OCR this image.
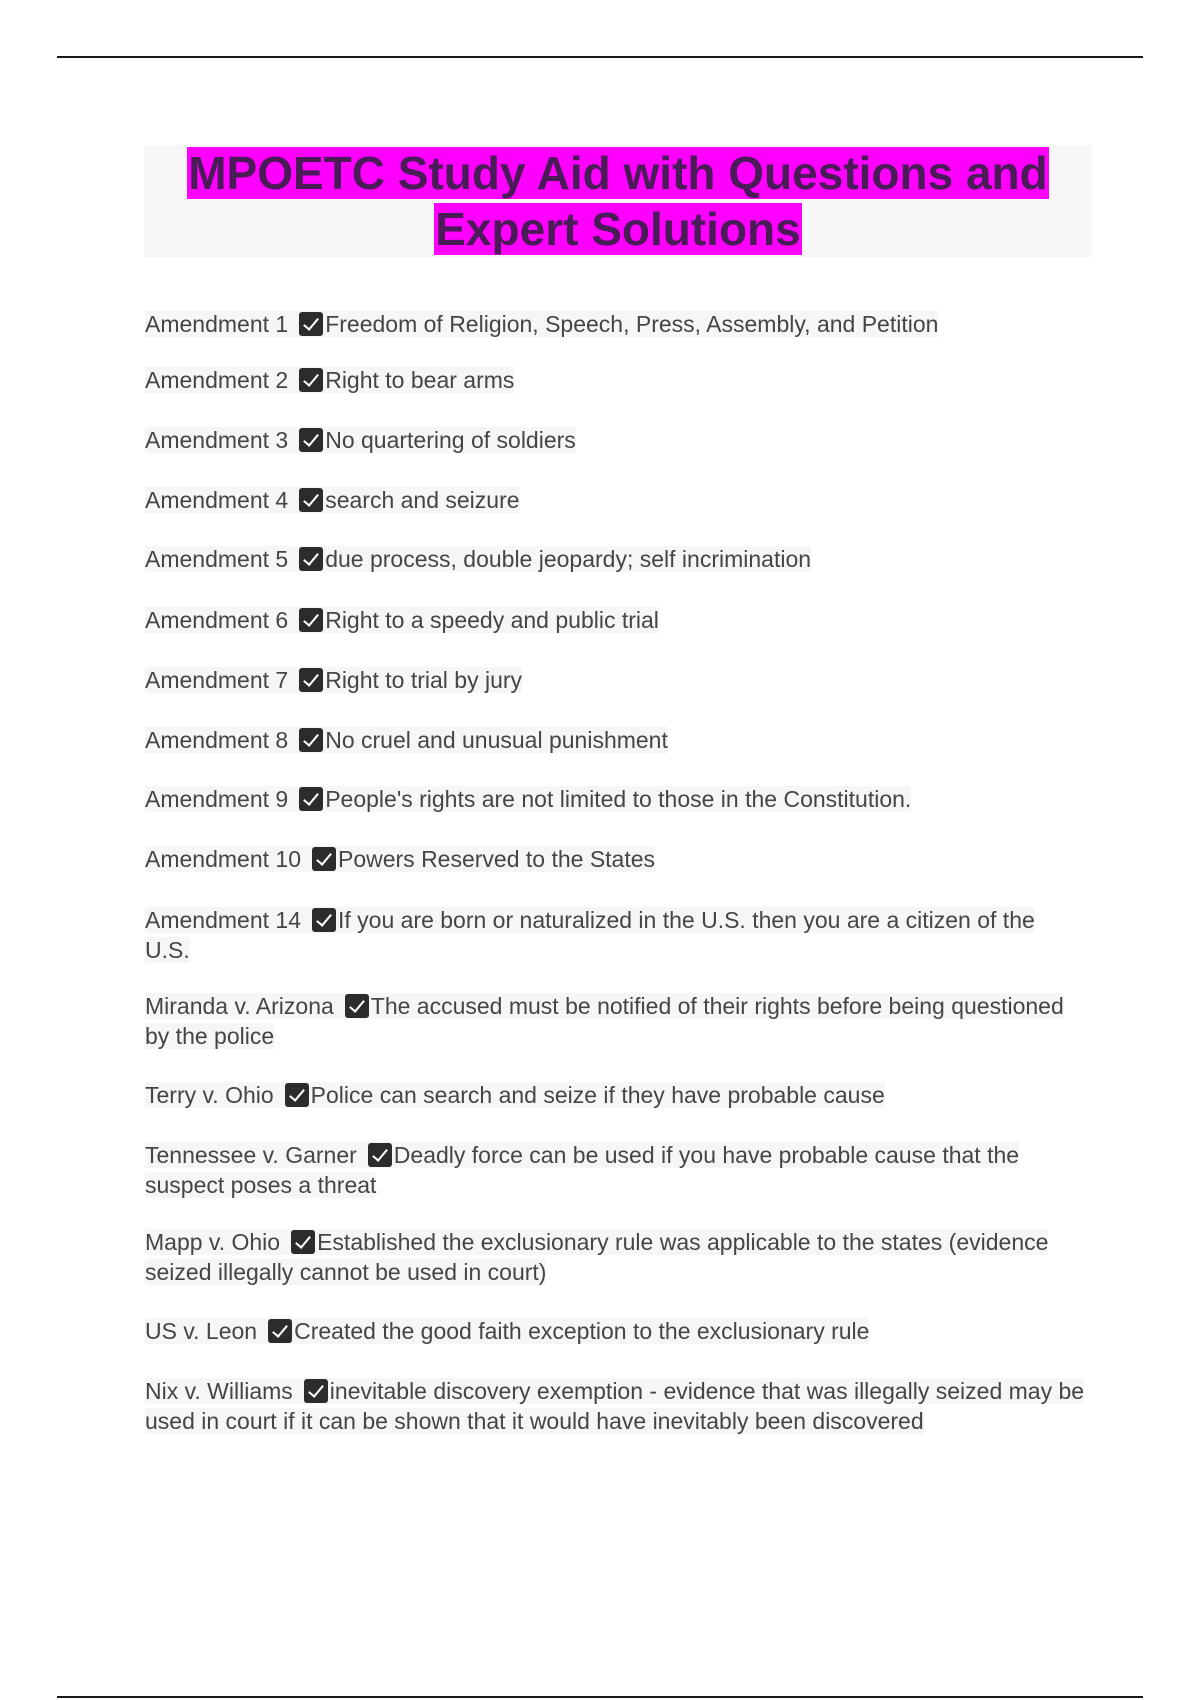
MPOETC Study Aid with Questions and Expert Solutions
Amendment 1 Freedom of Religion, Speech, Press, Assembly, and Petition
Amendment 2 Right to bear arms
Amendment 3 No quartering of soldiers
Amendment 4 search and seizure
Amendment 5 due process, double jeopardy; self incrimination
Amendment 6 Right to a speedy and public trial
Amendment 7 Right to trial by jury
Amendment 8 No cruel and unusual punishment
Amendment 9 People's rights are not limited to those in the Constitution.
Amendment 10 Powers Reserved to the States
Amendment 14 If you are born or naturalized in the U.S. then you are a citizen of the U.S.
Miranda v. Arizona The accused must be notified of their rights before being questioned by the police
Terry v. Ohio Police can search and seize if they have probable cause
Tennessee v. Garner Deadly force can be used if you have probable cause that the suspect poses a threat
Mapp v. Ohio Established the exclusionary rule was applicable to the states (evidence seized illegally cannot be used in court)
US v. Leon Created the good faith exception to the exclusionary rule
Nix v. Williams inevitable discovery exemption - evidence that was illegally seized may be used in court if it can be shown that it would have inevitably been discovered
